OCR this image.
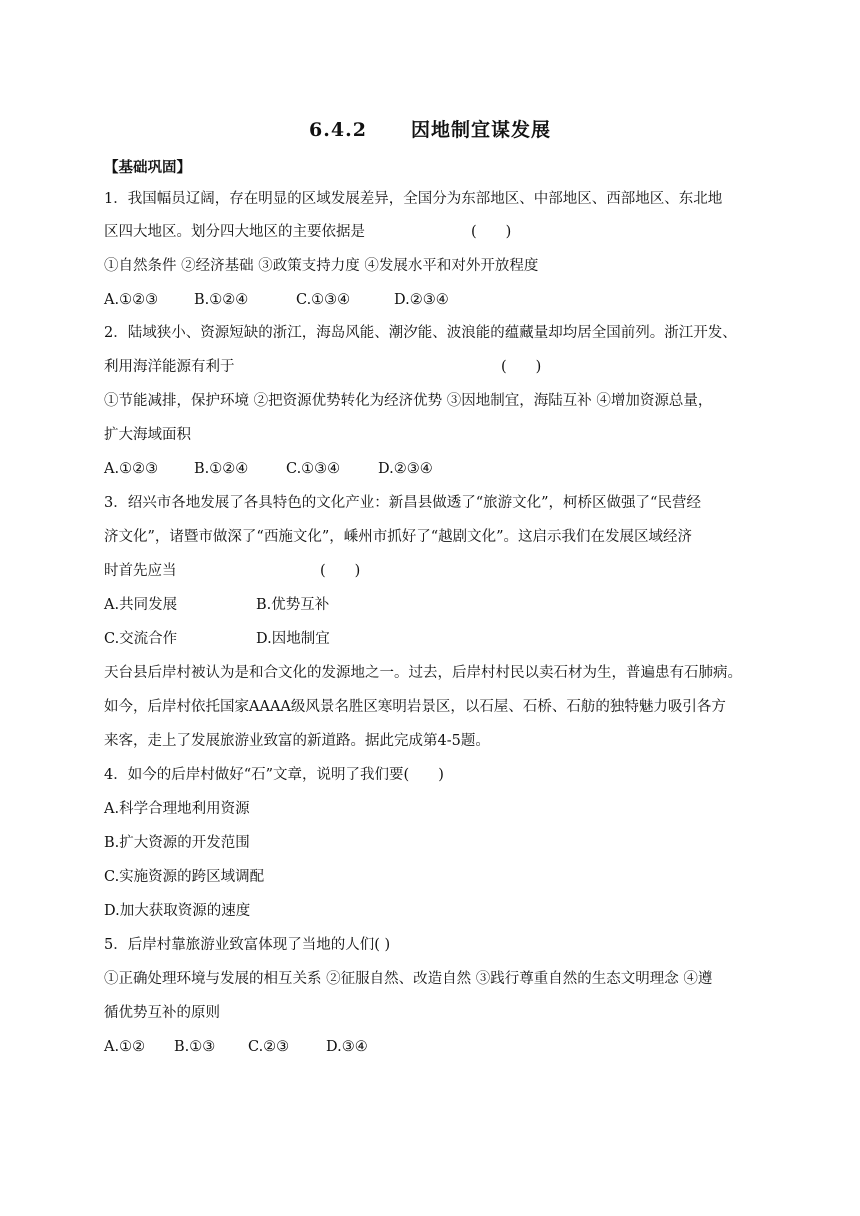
6.4.2 因地制宜谋发展
【基础巩固】
1．我国幅员辽阔，存在明显的区域发展差异，全国分为东部地区、中部地区、西部地区、东北地
区四大地区。划分四大地区的主要依据是	(　　)
①自然条件 ②经济基础 ③政策支持力度 ④发展水平和对外开放程度
A.①②③ B.①②④	C.①③④	D.②③④
2．陆域狭小、资源短缺的浙江，海岛风能、潮汐能、波浪能的蕴藏量却均居全国前列。浙江开发、
利用海洋能源有利于	(　　)
①节能减排，保护环境 ②把资源优势转化为经济优势 ③因地制宜，海陆互补 ④增加资源总量，
扩大海域面积
A.①②③ B.①②④	C.①③④	D.②③④
3．绍兴市各地发展了各具特色的文化产业：新昌县做透了“旅游文化”，柯桥区做强了“民营经
济文化”，诸暨市做深了“西施文化”，嵊州市抓好了“越剧文化”。这启示我们在发展区域经济
时首先应当	(　　)
A.共同发展	B.优势互补
C.交流合作	D.因地制宜
天台县后岸村被认为是和合文化的发源地之一。过去，后岸村村民以卖石材为生，普遍患有石肺病。
如今，后岸村依托国家AAAA级风景名胜区寒明岩景区，以石屋、石桥、石舫的独特魅力吸引各方
来客，走上了发展旅游业致富的新道路。据此完成第4-5题。
4．如今的后岸村做好“石”文章，说明了我们要(　　)
A.科学合理地利用资源
B.扩大资源的开发范围
C.实施资源的跨区域调配
D.加大获取资源的速度
5．后岸村靠旅游业致富体现了当地的人们( )
①正确处理环境与发展的相互关系 ②征服自然、改造自然 ③践行尊重自然的生态文明理念 ④遵
循优势互补的原则
A.①② B.①③ C.②③	D.③④
